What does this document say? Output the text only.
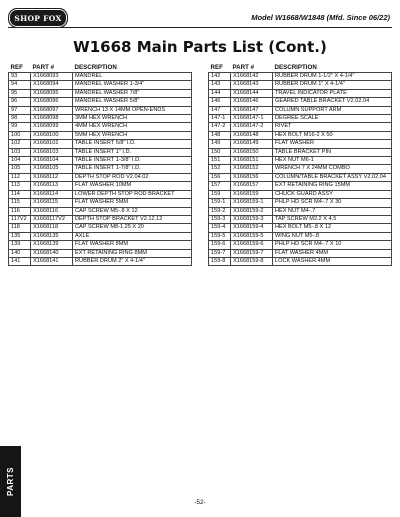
SHOP FOX	Model W1668/W1848 (Mfd. Since 06/22)
W1668 Main Parts List (Cont.)
REF	PART #	DESCRIPTION
93	X1668093	MANDREL
94	X1668094	MANDREL WASHER 1-3/4"
95	X1668095	MANDREL WASHER 7/8"
96	X1668096	MANDREL WASHER 5/8"
97	X1668097	WRENCH 13 X 14MM OPEN-ENDS
98	X1668098	3MM HEX WRENCH
99	X1668099	4MM HEX WRENCH
100	X1668100	5MM HEX WRENCH
102	X1668102	TABLE INSERT 5/8" I.D.
103	X1668103	TABLE INSERT 1" I.D.
104	X1668104	TABLE INSERT 1-3/8" I.D.
105	X1668105	TABLE INSERT 1-7/8" I.D.
112	X1668112	DEPTH STOP ROD V2.04.02
113	X1668113	FLAT WASHER 10MM
114	X1668114	LOWER DEPTH STOP ROD BRACKET
115	X1668115	FLAT WASHER 5MM
116	X1668116	CAP SCREW M5-.8 X 12
117V2	X1668117V2	DEPTH STOP BRACKET V2.12.12
118	X1668118	CAP SCREW M8-1.25 X 20
135	X1668135	AXLE
139	X1668139	FLAT WASHER 8MM
140	X1668140	EXT RETAINING RING 8MM
141	X1668141	RUBBER DRUM 2" X 4-1/4"
REF	PART #	DESCRIPTION
142	X1668142	RUBBER DRUM 1-1/2" X 4-1/4"
143	X1668143	RUBBER DRUM 1" X 4-1/4"
144	X1668144	TRAVEL INDICATOR PLATE
146	X1668146	GEARED TABLE BRACKET V2.02.04
147	X1668147	COLUMN SUPPORT ARM
147-1	X1668147-1	DEGREE SCALE
147-2	X1668147-2	RIVET
148	X1668148	HEX BOLT M16-2 X 50
149	X1668149	FLAT WASHER
150	X1668150	TABLE BRACKET PIN
151	X1668151	HEX NUT M6-1
152	X1668152	WRENCH 7 X 24MM COMBO
156	X1668156	COLUMN/TABLE BRACKET ASSY V2.02.04
157	X1668157	EXT RETAINING RING 15MM
159	X1668159	CHUCK GUARD ASSY
159-1	X1668159-1	PHLP HD SCR M4-.7 X 30
159-2	X1668159-2	HEX NUT M4-.7
159-3	X1668159-3	TAP SCREW M2.2 X 4.5
159-4	X1668159-4	HEX BOLT M5-.8 X 12
159-5	X1668159-5	WING NUT M5-.8
159-6	X1668159-6	PHLP HD SCR M4-.7 X 10
159-7	X1668159-7	FLAT WASHER 4MM
159-8	X1668159-8	LOCK WASHER 4MM
PARTS
-52-
